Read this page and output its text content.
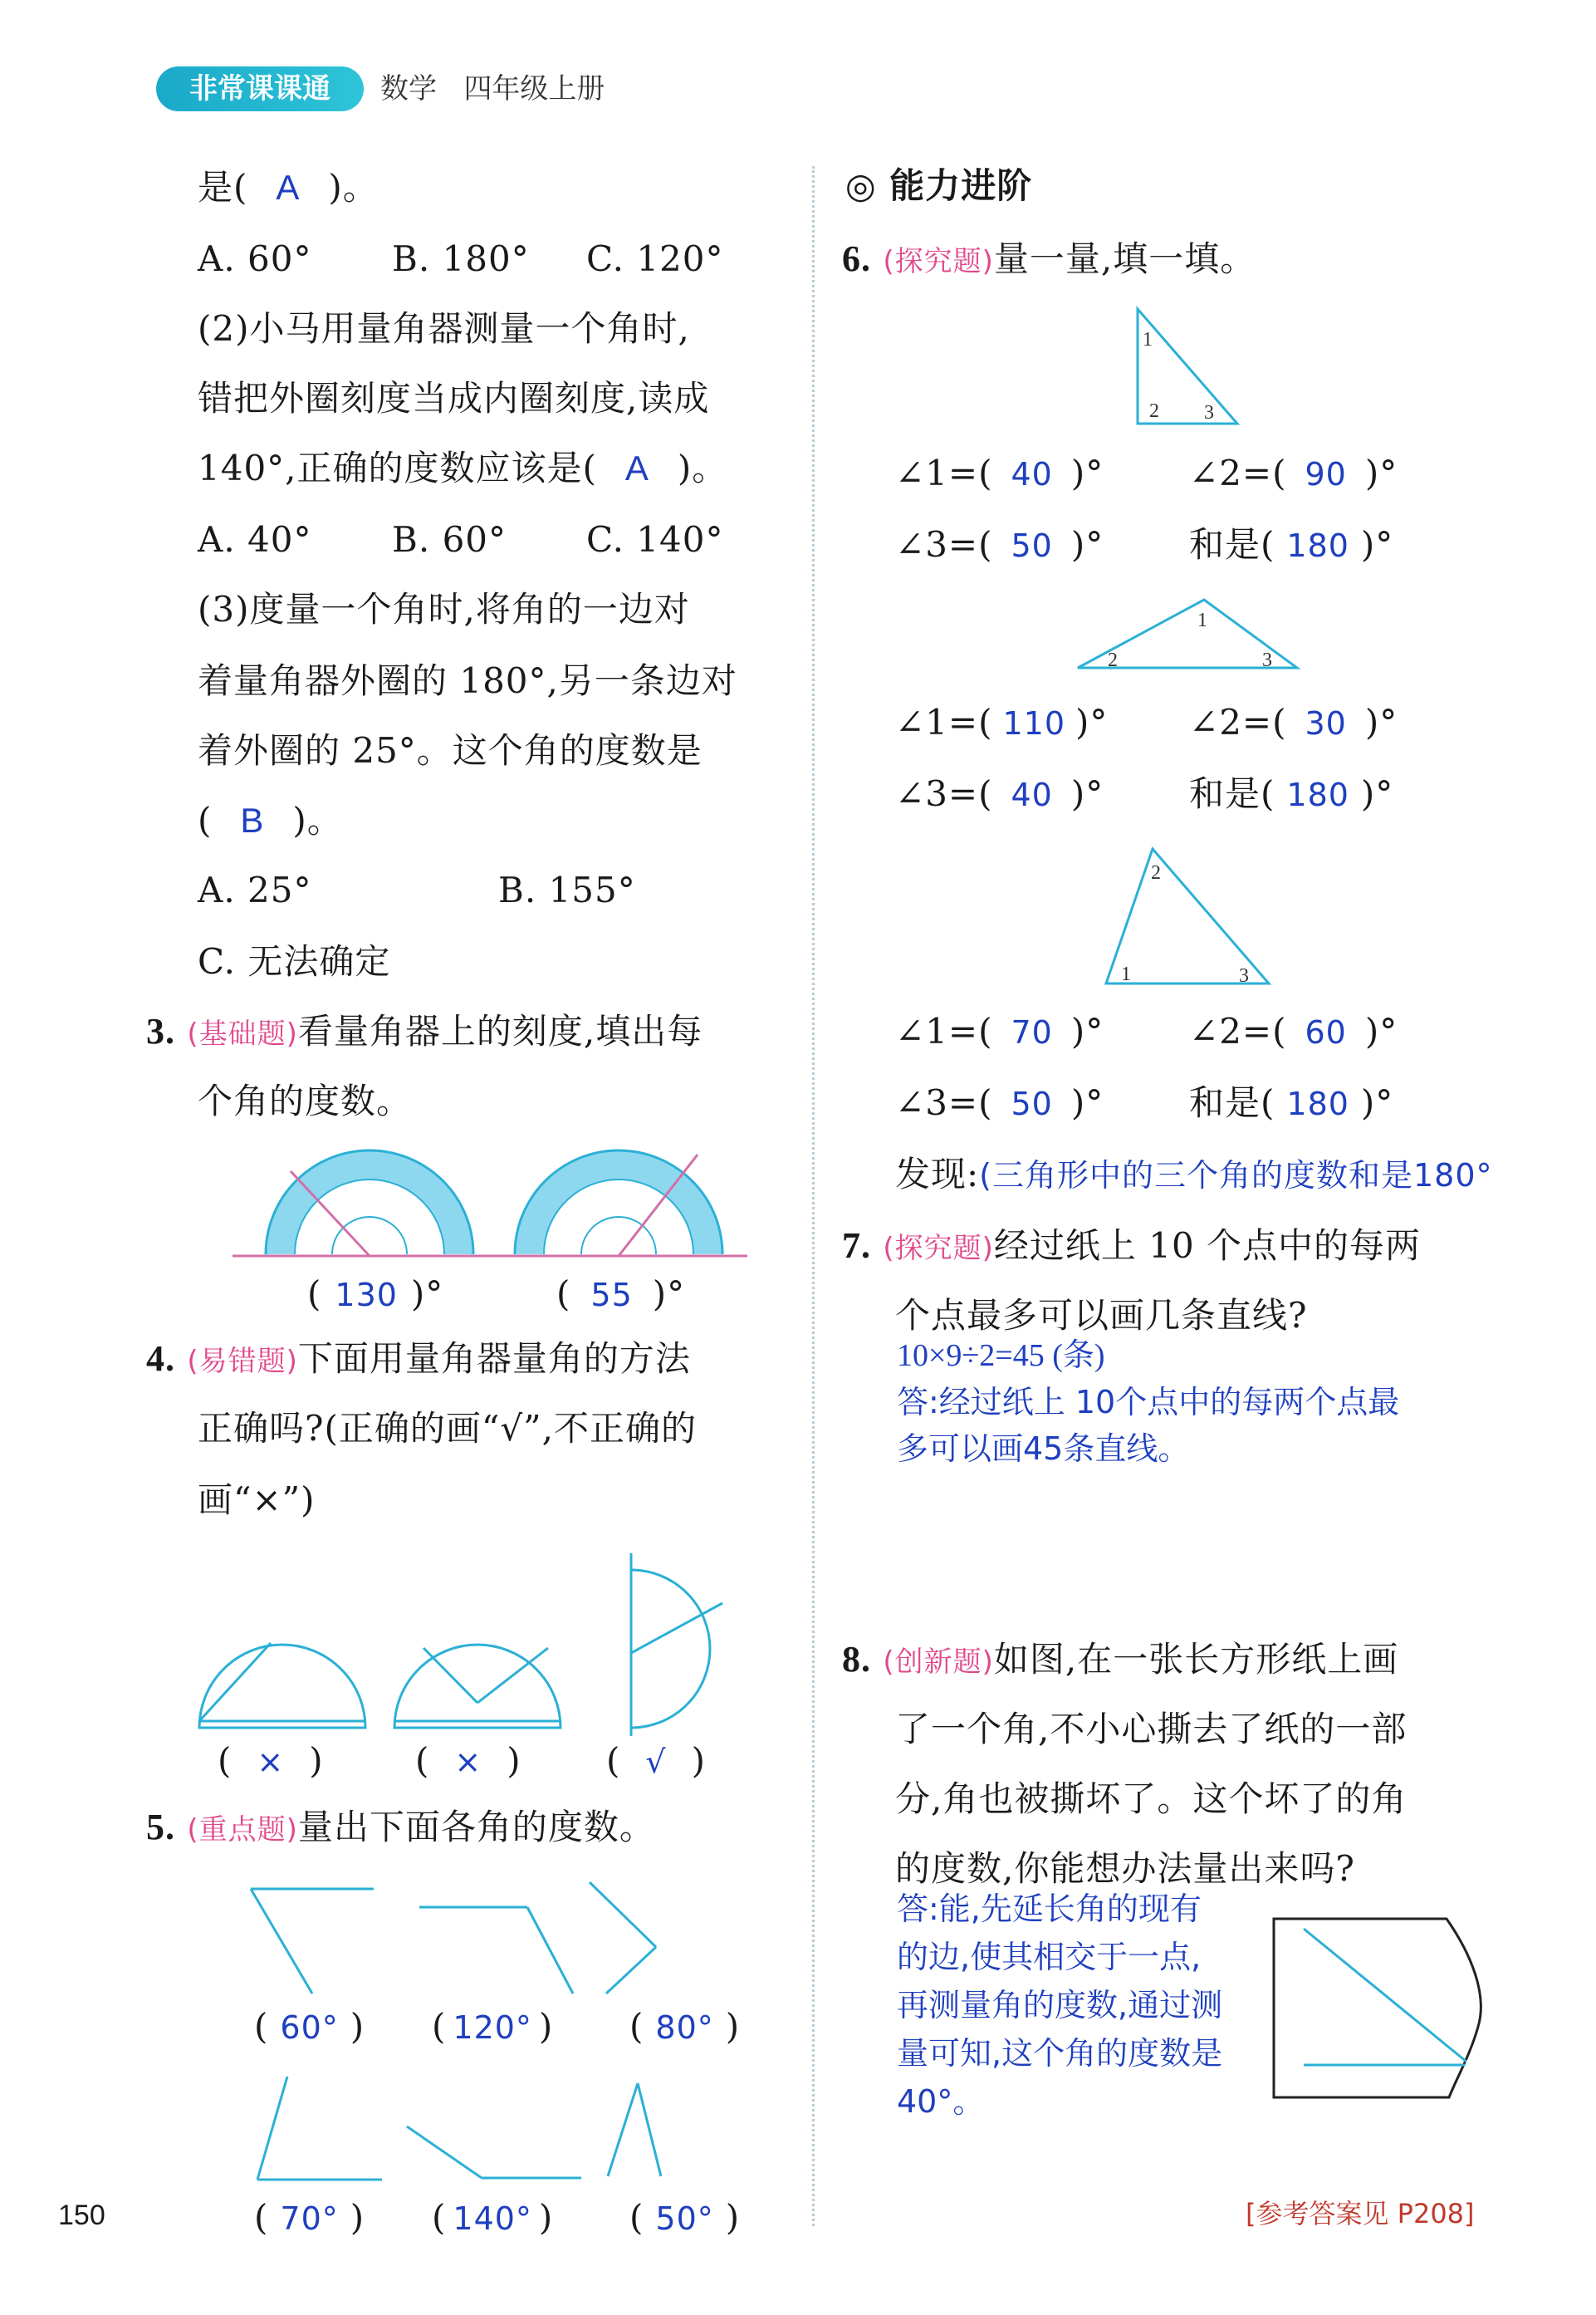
非常课课通	数学 四年级上册
是( A )。
A. 60° B. 180° C. 120°
(2)小马用量角器测量一个角时,
错把外圈刻度当成内圈刻度,读成
140°,正确的度数应该是( A )。
A. 40° B. 60° C. 140°
(3)度量一个角时,将角的一边对
着量角器外圈的 180°,另一条边对
着外圈的 25°。这个角的度数是
( B )。
A. 25°	B. 155°
C. 无法确定
3. (基础题)看量角器上的刻度,填出每
个角的度数。
( 130 )°	( 55 )°
4. (易错题)下面用量角器量角的方法
正确吗?(正确的画“√”,不正确的
画“×”)
( × )	( × ) ( √ )
5. (重点题)量出下面各角的度数。
( 60° ) ( 120° ) ( 80° )
( 70° ) ( 140° ) ( 50° )
◎ 能力进阶
6. (探究题)量一量,填一填。
1
2 3
∠1=( 40 )° ∠2=( 90 )°
∠3=( 50 )° 和是( 180 )°
1
2	3
∠1=( 110 )° ∠2=( 30 )°
∠3=( 40 )° 和是( 180 )°
2
1	3
∠1=( 70 )° ∠2=( 60 )°
∠3=( 50 )° 和是( 180 )°
发现:(三角形中的三个角的度数和是180°
7. (探究题)经过纸上 10 个点中的每两
个点最多可以画几条直线?
10×9÷2=45 (条)
答:经过纸上 10个点中的每两个点最
多可以画45条直线。
8. (创新题)如图,在一张长方形纸上画
了一个角,不小心撕去了纸的一部
分,角也被撕坏了。这个坏了的角
的度数,你能想办法量出来吗?
答:能,先延长角的现有
的边,使其相交于一点,
再测量角的度数,通过测
量可知,这个角的度数是
40°。
150	[参考答案见 P208]
